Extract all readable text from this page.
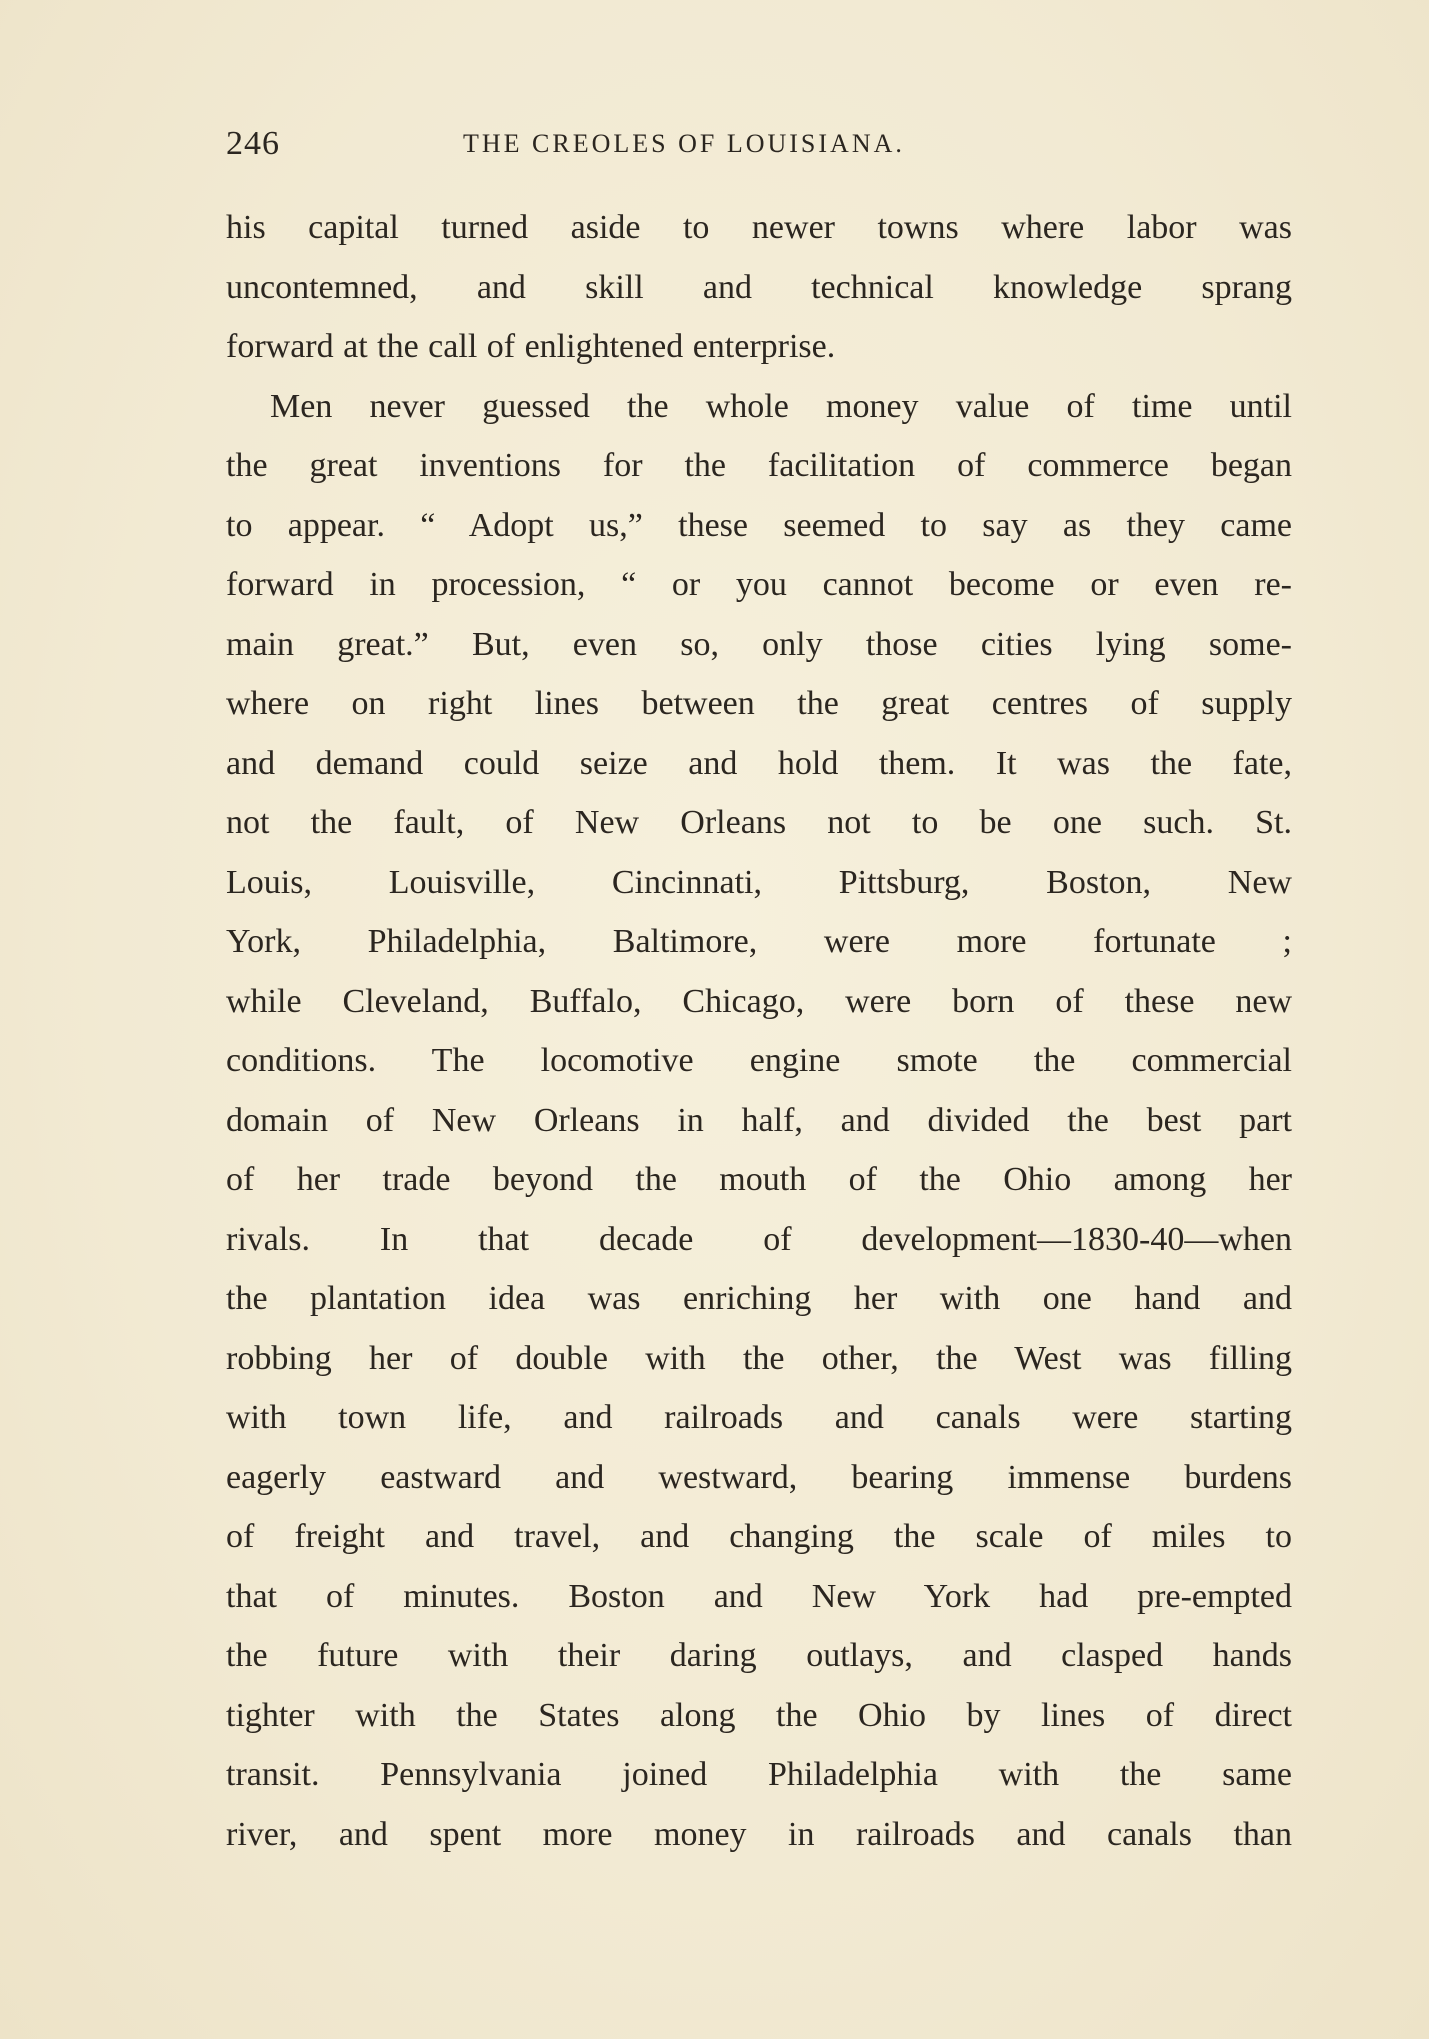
246	THE CREOLES OF LOUISIANA.
his capital turned aside to newer towns where labor was
uncontemned, and skill and technical knowledge sprang
forward at the call of enlightened enterprise.
Men never guessed the whole money value of time until
the great inventions for the facilitation of commerce began
to appear. “ Adopt us,” these seemed to say as they came
forward in procession, “ or you cannot become or even re-
main great.” But, even so, only those cities lying some-
where on right lines between the great centres of supply
and demand could seize and hold them. It was the fate,
not the fault, of New Orleans not to be one such. St.
Louis, Louisville, Cincinnati, Pittsburg, Boston, New
York, Philadelphia, Baltimore, were more fortunate ;
while Cleveland, Buffalo, Chicago, were born of these new
conditions. The locomotive engine smote the commercial
domain of New Orleans in half, and divided the best part
of her trade beyond the mouth of the Ohio among her
rivals. In that decade of development—1830-40—when
the plantation idea was enriching her with one hand and
robbing her of double with the other, the West was filling
with town life, and railroads and canals were starting
eagerly eastward and westward, bearing immense burdens
of freight and travel, and changing the scale of miles to
that of minutes. Boston and New York had pre-empted
the future with their daring outlays, and clasped hands
tighter with the States along the Ohio by lines of direct
transit. Pennsylvania joined Philadelphia with the same
river, and spent more money in railroads and canals than
